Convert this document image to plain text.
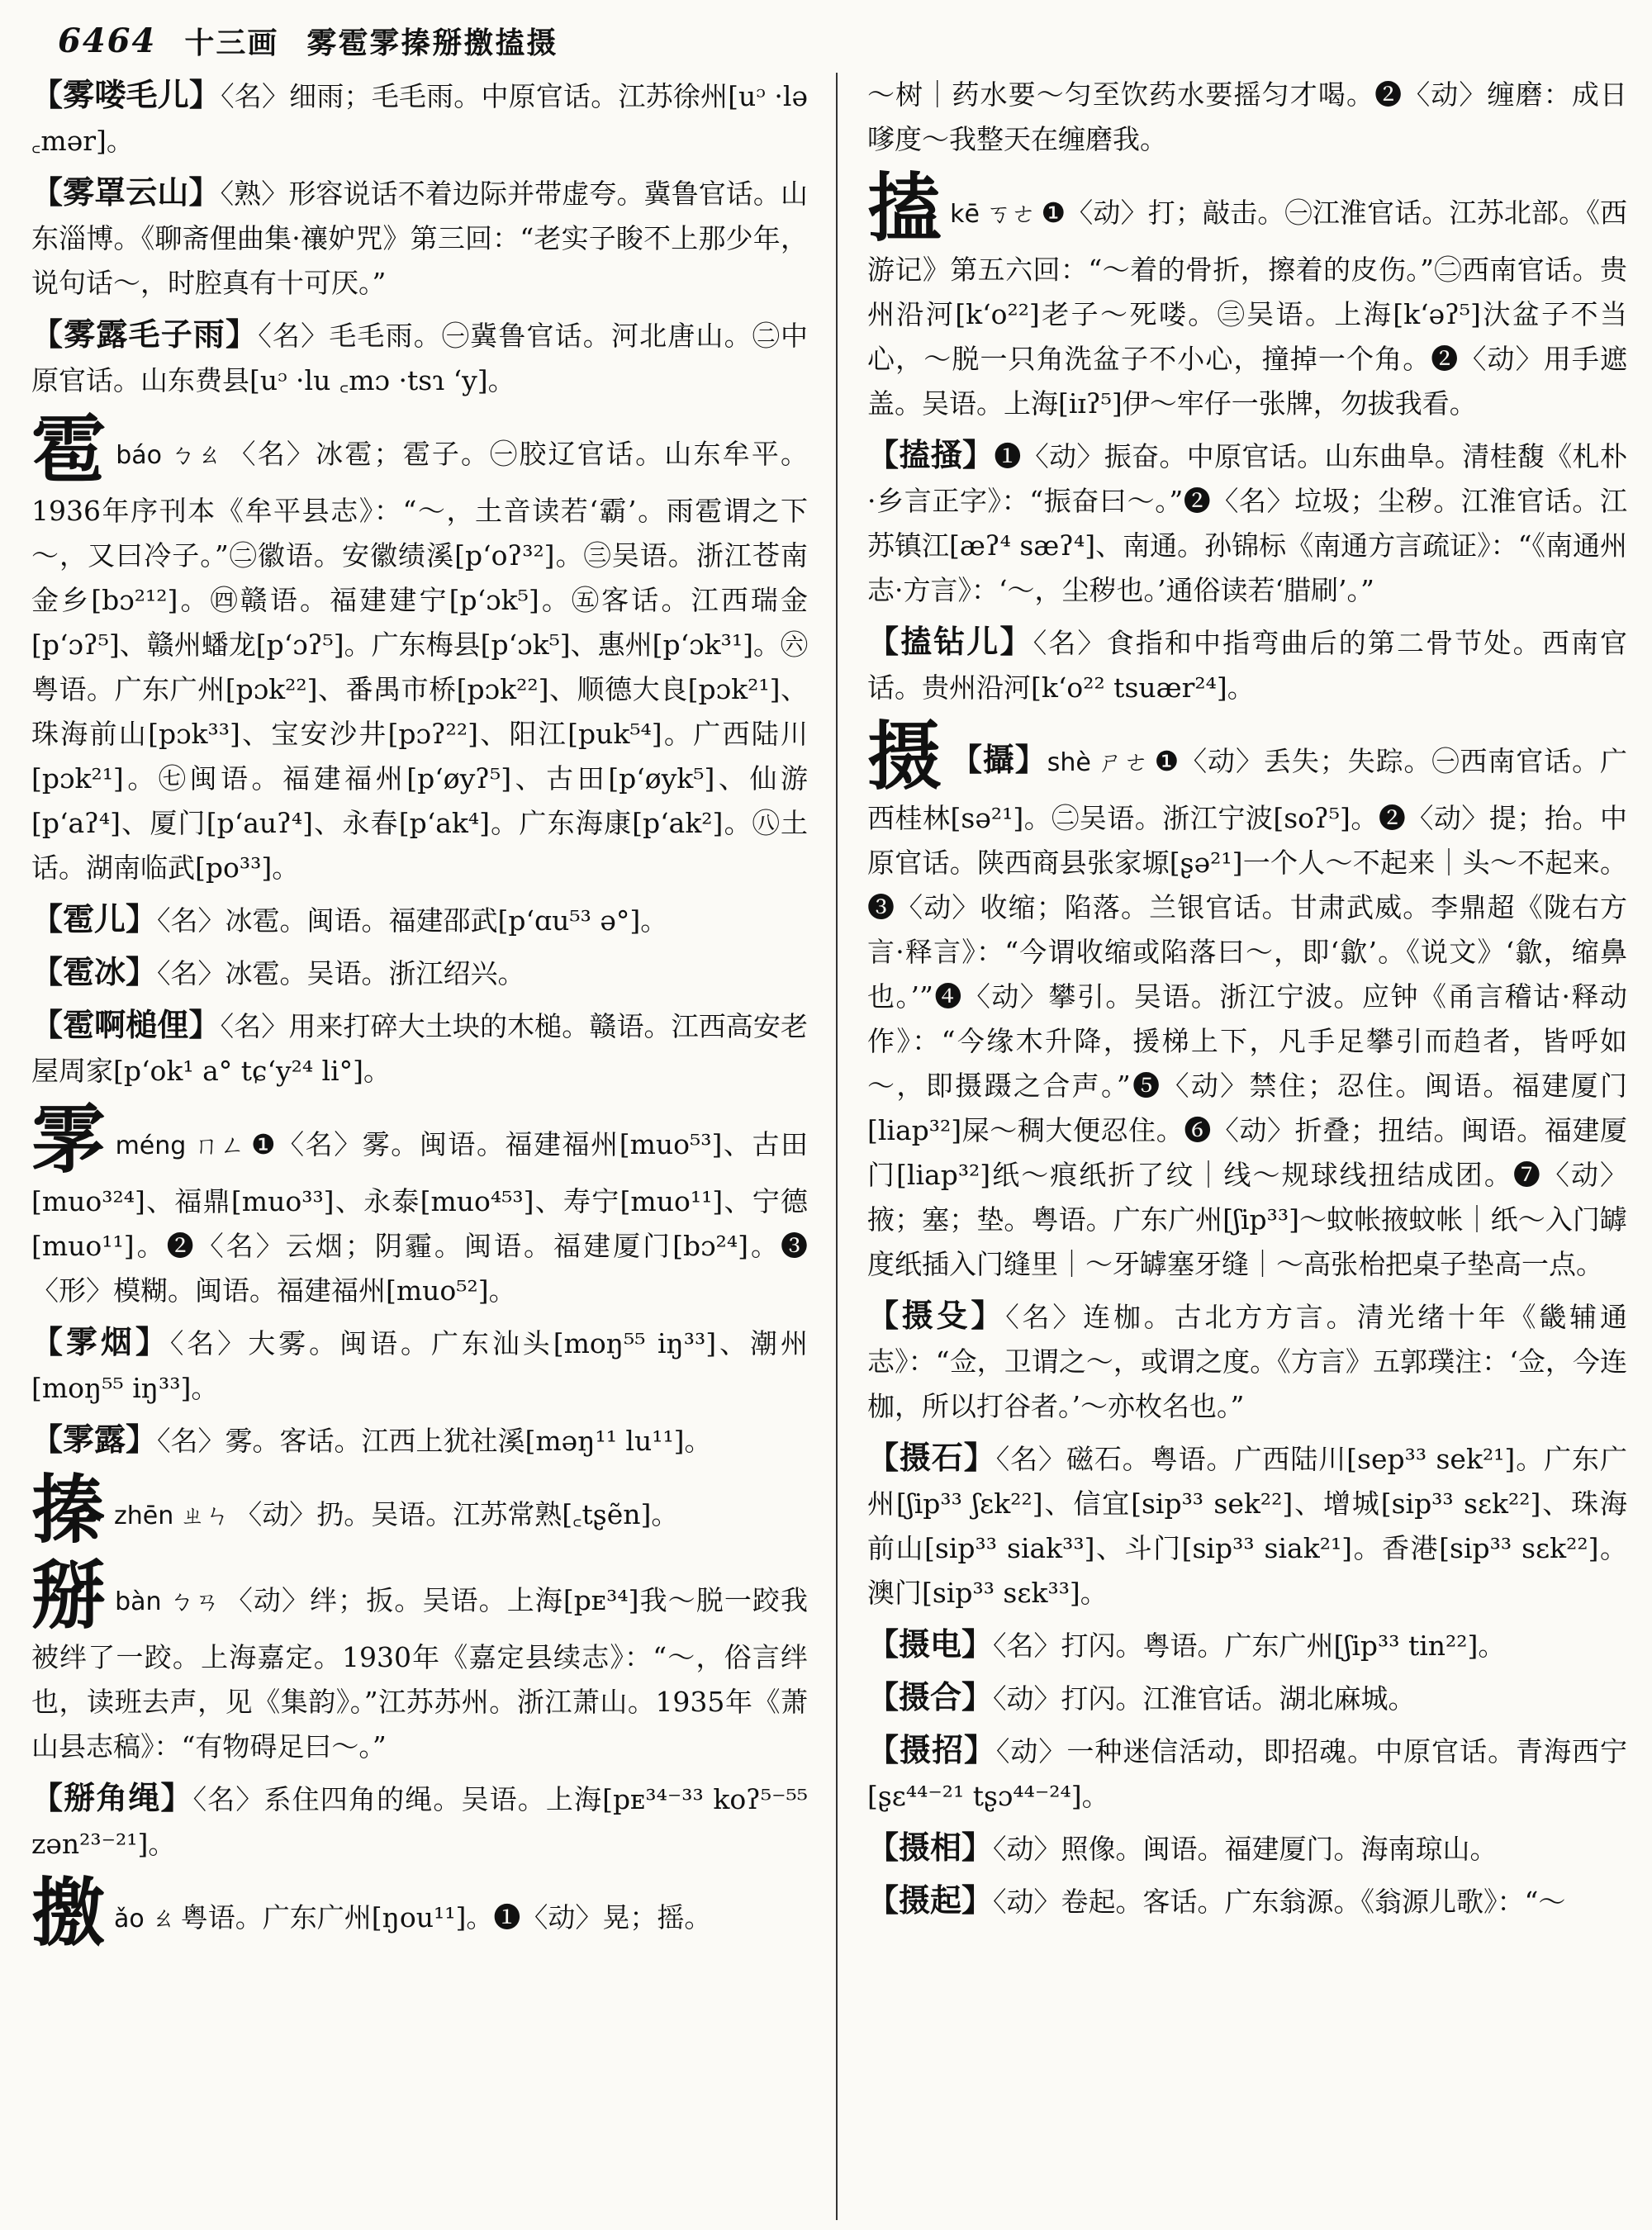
6464 十三画 雾雹雺搸掰撽搕摄
【雾喽毛儿】〈名〉细雨；毛毛雨。中原官话。江苏徐州[uᵓ ·lə ꜀mər]。
【雾罩云山】〈熟〉形容说话不着边际并带虚夸。冀鲁官话。山东淄博。《聊斋俚曲集·禳妒咒》第三回：“老实子睃不上那少年，说句话～，时腔真有十可厌。”
【雾露毛子雨】〈名〉毛毛雨。㊀冀鲁官话。河北唐山。㊁中原官话。山东费县[uᵓ ·lu ꜀mɔ ·tsɿ ʻy]。
雹báo ㄅㄠ 〈名〉冰雹；雹子。㊀胶辽官话。山东牟平。1936年序刊本《牟平县志》：“～，土音读若‘霸’。雨雹谓之下～，又曰冷子。”㊁徽语。安徽绩溪[pʻoʔ³²]。㊂吴语。浙江苍南金乡[bɔ²¹²]。㊃赣语。福建建宁[pʻɔk⁵]。㊄客话。江西瑞金[pʻɔʔ⁵]、赣州蟠龙[pʻɔʔ⁵]。广东梅县[pʻɔk⁵]、惠州[pʻɔk³¹]。㊅粤语。广东广州[pɔk²²]、番禺市桥[pɔk²²]、顺德大良[pɔk²¹]、珠海前山[pɔk³³]、宝安沙井[pɔʔ²²]、阳江[puk⁵⁴]。广西陆川[pɔk²¹]。㊆闽语。福建福州[pʻøyʔ⁵]、古田[pʻøyk⁵]、仙游[pʻaʔ⁴]、厦门[pʻauʔ⁴]、永春[pʻak⁴]。广东海康[pʻak²]。㊇土话。湖南临武[po³³]。
【雹儿】〈名〉冰雹。闽语。福建邵武[pʻɑu⁵³ ə°]。
【雹冰】〈名〉冰雹。吴语。浙江绍兴。
【雹啊槌俚】〈名〉用来打碎大土块的木槌。赣语。江西高安老屋周家[pʻok¹ a° tɕʻy²⁴ li°]。
雺méng ㄇㄥ ❶〈名〉雾。闽语。福建福州[muo⁵³]、古田[muo³²⁴]、福鼎[muo³³]、永泰[muo⁴⁵³]、寿宁[muo¹¹]、宁德[muo¹¹]。❷〈名〉云烟；阴霾。闽语。福建厦门[bɔ²⁴]。❸〈形〉模糊。闽语。福建福州[muo⁵²]。
【雺烟】〈名〉大雾。闽语。广东汕头[moŋ⁵⁵ iŋ³³]、潮州[moŋ⁵⁵ iŋ³³]。
【雺露】〈名〉雾。客话。江西上犹社溪[məŋ¹¹ lu¹¹]。
搸zhēn ㄓㄣ 〈动〉扔。吴语。江苏常熟[꜀tʂẽn]。
掰bàn ㄅㄢ 〈动〉绊；扳。吴语。上海[pᴇ³⁴]我～脱一跤我被绊了一跤。上海嘉定。1930年《嘉定县续志》：“～，俗言绊也，读班去声，见《集韵》。”江苏苏州。浙江萧山。1935年《萧山县志稿》：“有物碍足曰～。”
【掰角绳】〈名〉系住四角的绳。吴语。上海[pᴇ³⁴⁻³³ koʔ⁵⁻⁵⁵ zən²³⁻²¹]。
撽ǎo ㄠ 粤语。广东广州[ŋou¹¹]。❶〈动〉晃；摇。
～树｜药水要～匀至饮药水要摇匀才喝。❷〈动〉缠磨：成日嗲度～我整天在缠磨我。
搕kē ㄎㄜ ❶〈动〉打；敲击。㊀江淮官话。江苏北部。《西游记》第五六回：“～着的骨折，擦着的皮伤。”㊁西南官话。贵州沿河[kʻo²²]老子～死喽。㊂吴语。上海[kʻəʔ⁵]汏盆子不当心，～脱一只角洗盆子不小心，撞掉一个角。❷〈动〉用手遮盖。吴语。上海[iɪʔ⁵]伊～牢仔一张牌，勿拔我看。
【搕搔】❶〈动〉振奋。中原官话。山东曲阜。清桂馥《札朴·乡言正字》：“振奋曰～。”❷〈名〉垃圾；尘秽。江淮官话。江苏镇江[æʔ⁴ sæʔ⁴]、南通。孙锦标《南通方言疏证》：“《南通州志·方言》：‘～，尘秽也。’通俗读若‘腊刷’。”
【搕钻儿】〈名〉食指和中指弯曲后的第二骨节处。西南官话。贵州沿河[kʻo²² tsuær²⁴]。
摄 【攝】shè ㄕㄜ ❶〈动〉丢失；失踪。㊀西南官话。广西桂林[sə²¹]。㊁吴语。浙江宁波[soʔ⁵]。❷〈动〉提；抬。中原官话。陕西商县张家塬[ʂə²¹]一个人～不起来｜头～不起来。❸〈动〉收缩；陷落。兰银官话。甘肃武威。李鼎超《陇右方言·释言》：“今谓收缩或陷落曰～，即‘歙’。《说文》‘歙，缩鼻也。’”❹〈动〉攀引。吴语。浙江宁波。应钟《甬言稽诂·释动作》：“今缘木升降，援梯上下，凡手足攀引而趋者，皆呼如～，即摄蹑之合声。”❺〈动〉禁住；忍住。闽语。福建厦门[liap³²]屎～稠大便忍住。❻〈动〉折叠；扭结。闽语。福建厦门[liap³²]纸～痕纸折了纹｜线～规球线扭结成团。❼〈动〉掖；塞；垫。粤语。广东广州[ʃip³³]～蚊帐掖蚊帐｜纸～入门罅度纸插入门缝里｜～牙罅塞牙缝｜～高张枱把桌子垫高一点。
【摄殳】〈名〉连枷。古北方方言。清光绪十年《畿辅通志》：“佥，卫谓之～，或谓之度。《方言》五郭璞注：‘佥，今连枷，所以打谷者。’～亦枚名也。”
【摄石】〈名〉磁石。粤语。广西陆川[sep³³ sek²¹]。广东广州[ʃip³³ ʃɛk²²]、信宜[sip³³ sek²²]、增城[sip³³ sɛk²²]、珠海前山[sip³³ siak³³]、斗门[sip³³ siak²¹]。香港[sip³³ sɛk²²]。澳门[sip³³ sɛk³³]。
【摄电】〈名〉打闪。粤语。广东广州[ʃip³³ tin²²]。
【摄合】〈动〉打闪。江淮官话。湖北麻城。
【摄招】〈动〉一种迷信活动，即招魂。中原官话。青海西宁[ʂɛ⁴⁴⁻²¹ tʂɔ⁴⁴⁻²⁴]。
【摄相】〈动〉照像。闽语。福建厦门。海南琼山。
【摄起】〈动〉卷起。客话。广东翁源。《翁源儿歌》：“～
